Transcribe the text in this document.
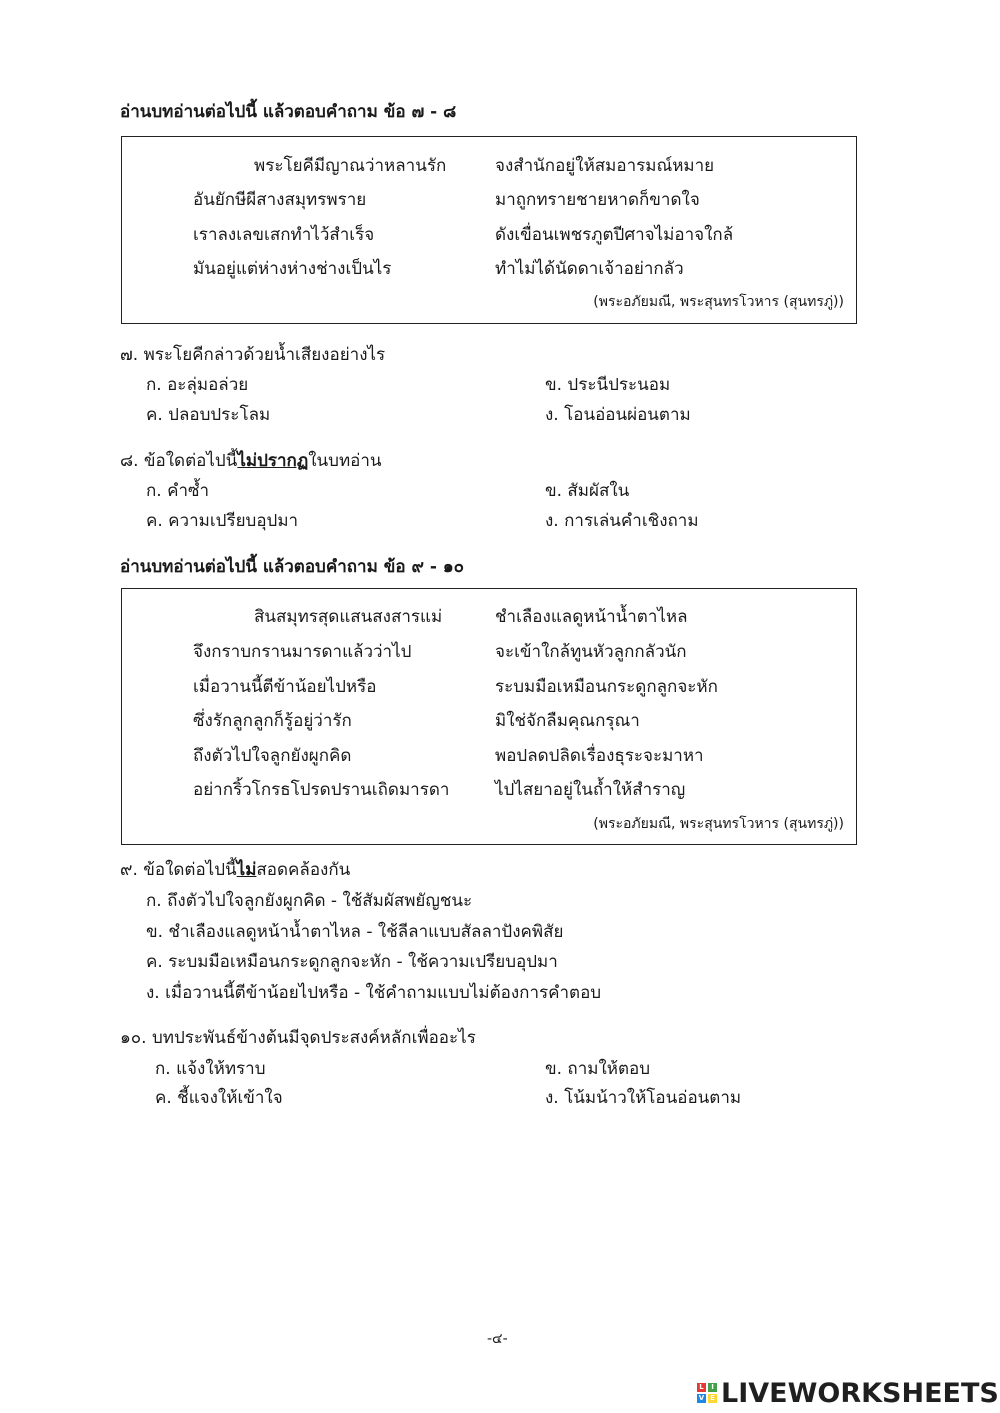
อ่านบทอ่านต่อไปนี้ แล้วตอบคำถาม ข้อ ๗ - ๘
พระโยคีมีญาณว่าหลานรัก	จงสำนักอยู่ให้สมอารมณ์หมาย
อันยักษีผีสางสมุทรพราย	มาถูกทรายชายหาดก็ขาดใจ
เราลงเลขเสกทำไว้สำเร็จ	ดังเขื่อนเพชรภูตปีศาจไม่อาจใกล้
มันอยู่แต่ห่างห่างช่างเป็นไร	ทำไม่ได้นัดดาเจ้าอย่ากลัว
(พระอภัยมณี, พระสุนทรโวหาร (สุนทรภู่))
๗. พระโยคีกล่าวด้วยน้ำเสียงอย่างไร
ก. อะลุ่มอล่วย	ข. ประนีประนอม
ค. ปลอบประโลม	ง. โอนอ่อนผ่อนตาม
๘. ข้อใดต่อไปนี้ไม่ปรากฏในบทอ่าน
ก. คำซ้ำ	ข. สัมผัสใน
ค. ความเปรียบอุปมา	ง. การเล่นคำเชิงถาม
อ่านบทอ่านต่อไปนี้ แล้วตอบคำถาม ข้อ ๙ - ๑๐
สินสมุทรสุดแสนสงสารแม่	ชำเลืองแลดูหน้าน้ำตาไหล
จึงกราบกรานมารดาแล้วว่าไป	จะเข้าใกล้ทูนหัวลูกกลัวนัก
เมื่อวานนี้ตีข้าน้อยไปหรือ	ระบมมือเหมือนกระดูกลูกจะหัก
ซึ่งรักลูกลูกก็รู้อยู่ว่ารัก	มิใช่จักลืมคุณกรุณา
ถึงตัวไปใจลูกยังผูกคิด	พอปลดปลิดเรื่องธุระจะมาหา
อย่ากริ้วโกรธโปรดปรานเถิดมารดา	ไปไสยาอยู่ในถ้ำให้สำราญ
(พระอภัยมณี, พระสุนทรโวหาร (สุนทรภู่))
๙. ข้อใดต่อไปนี้ไม่สอดคล้องกัน
ก. ถึงตัวไปใจลูกยังผูกคิด - ใช้สัมผัสพยัญชนะ
ข. ชำเลืองแลดูหน้าน้ำตาไหล - ใช้ลีลาแบบสัลลาปังคพิสัย
ค. ระบมมือเหมือนกระดูกลูกจะหัก - ใช้ความเปรียบอุปมา
ง. เมื่อวานนี้ตีข้าน้อยไปหรือ - ใช้คำถามแบบไม่ต้องการคำตอบ
๑๐. บทประพันธ์ข้างต้นมีจุดประสงค์หลักเพื่ออะไร
ก. แจ้งให้ทราบ	ข. ถามให้ตอบ
ค. ชี้แจงให้เข้าใจ	ง. โน้มน้าวให้โอนอ่อนตาม
-๔-
L	I
V E LIVEWORKSHEETS
